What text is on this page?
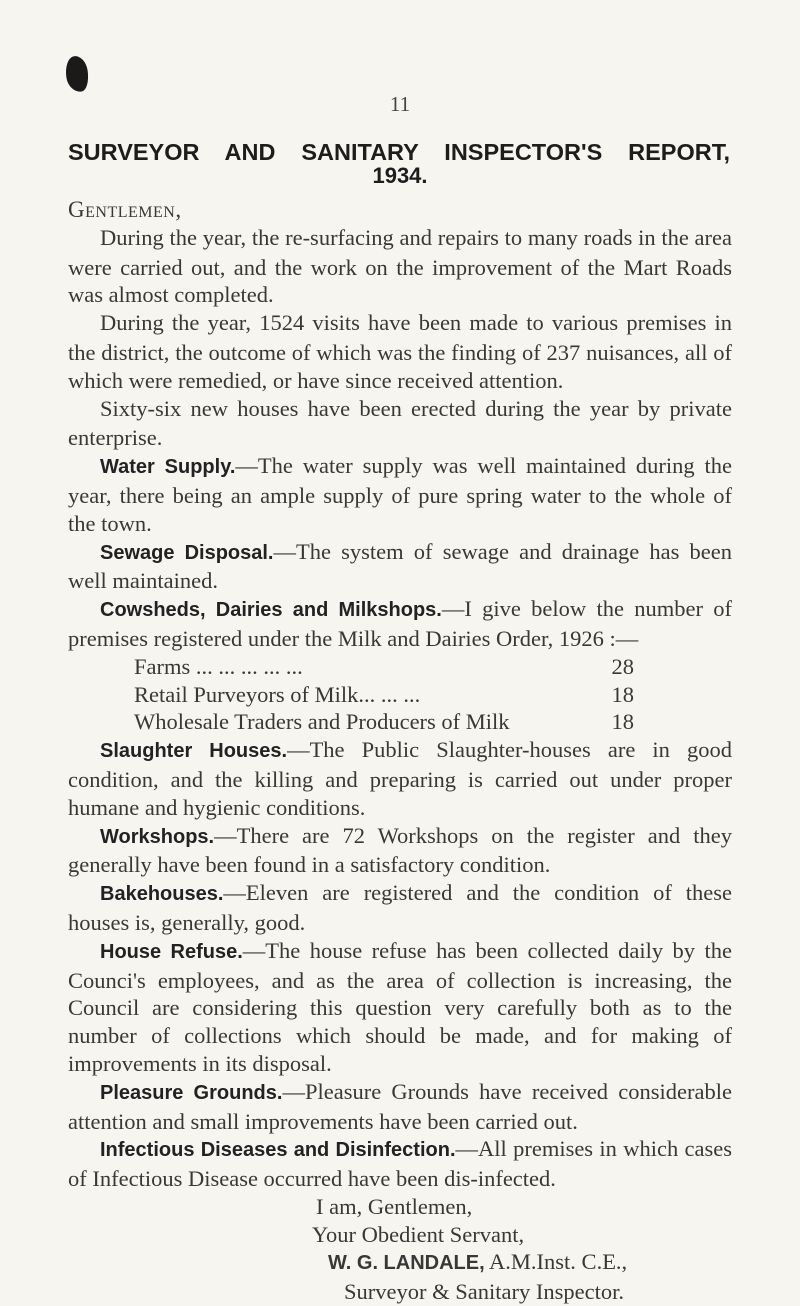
11
SURVEYOR AND SANITARY INSPECTOR'S REPORT,
1934.
Gentlemen,

During the year, the re-surfacing and repairs to many roads in the area were carried out, and the work on the improvement of the Mart Roads was almost completed.

During the year, 1524 visits have been made to various premises in the district, the outcome of which was the finding of 237 nuisances, all of which were remedied, or have since received attention.

Sixty-six new houses have been erected during the year by private enterprise.

Water Supply.—The water supply was well maintained during the year, there being an ample supply of pure spring water to the whole of the town.

Sewage Disposal.—The system of sewage and drainage has been well maintained.

Cowsheds, Dairies and Milkshops.—I give below the number of premises registered under the Milk and Dairies Order, 1926 :—

Farms ... ... ... ... ...	28
Retail Purveyors of Milk... ... ...	18
Wholesale Traders and Producers of Milk	18

Slaughter Houses.—The Public Slaughter-houses are in good condition, and the killing and preparing is carried out under proper humane and hygienic conditions.

Workshops.—There are 72 Workshops on the register and they generally have been found in a satisfactory condition.

Bakehouses.—Eleven are registered and the condition of these houses is, generally, good.

House Refuse.—The house refuse has been collected daily by the Counci's employees, and as the area of collection is increasing, the Council are considering this question very carefully both as to the number of collections which should be made, and for making of improvements in its disposal.

Pleasure Grounds.—Pleasure Grounds have received considerable attention and small improvements have been carried out.

Infectious Diseases and Disinfection.—All premises in which cases of Infectious Disease occurred have been dis-infected.

I am, Gentlemen,
Your Obedient Servant,
W. G. LANDALE, A.M.Inst. C.E.,
Surveyor & Sanitary Inspector.
